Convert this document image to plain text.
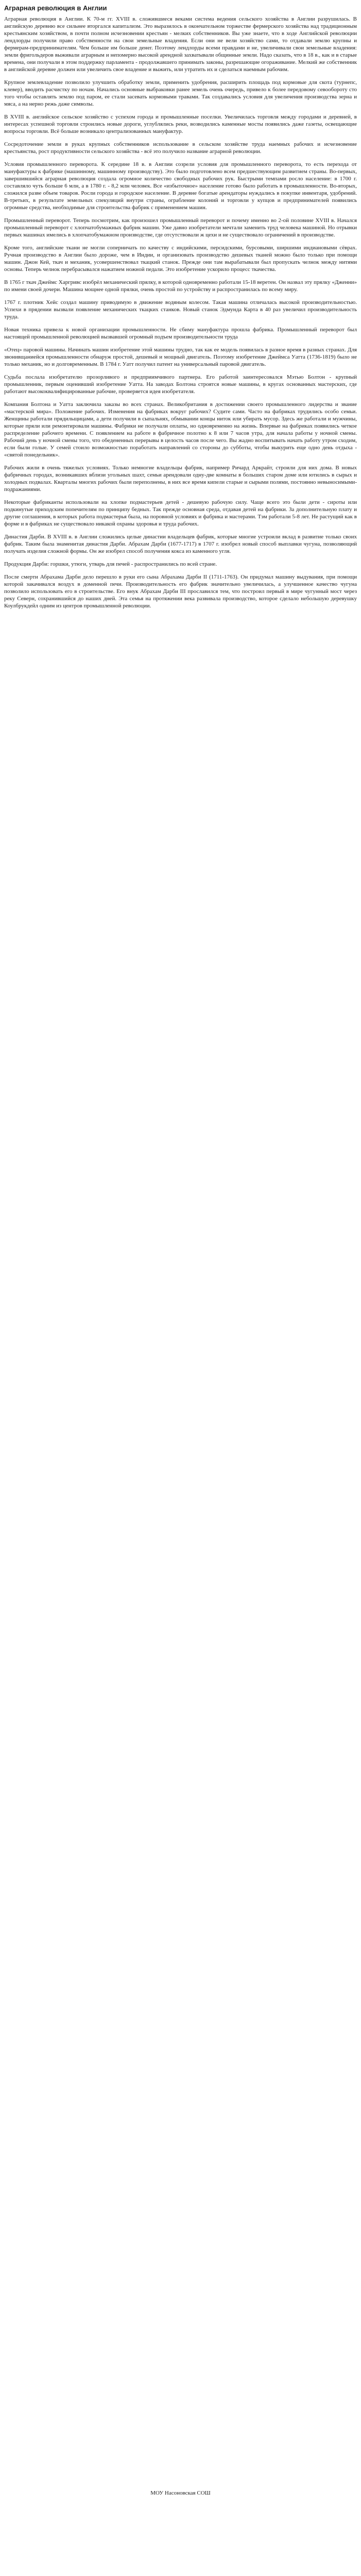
Аграрная революция в Англии

Аграрная революция в Англии. К 70-м гг. XVIII в. сложившиеся веками система ведения сельского хозяйства в Англии разрушилась. В английскую деревню все сильнее вторгался капитализм. Это выразилось в окончательном торжестве фермерского хозяйства над традиционным крестьянским хозяйством, в почти полном исчезновении крестьян - мелких собственников. Вы уже знаете, что в ходе Английской революции лендлорды получили право собственности на свои земельные владения. Если они не вели хозяйство сами, то отдавали землю крупны и фермерам-предпринимателям. Чем больше им больше денег. Поэтому лендлорды всеми правдами и не, увеличивали свои земельные владения: земли фригольдеров выживали аграрным и непомерно высокой арендной захватывали общинные земли. Надо сказать, что в 18 в., как и в старые времена, они получали в этом поддержку парламента - продолжавшего принимать законы, разрешающие огораживание. Мелкий же собственник в английской деревне должен или увеличить свое владение и выжить, или утратить их и сделаться наемным рабочим.

Крупное землевладение позволило улучшить обработку земли, применить удобрения, расширить площадь под кормовые для скота (турнепс, клевер), вводить расчистку по ночам. Начались основные выбраковки ранее земель очень очередь, привело к более передовому севообороту сто того чтобы оставлять землю под паром, ее стали засевать кормовыми травами. Так создавались условия для увеличения производства зерна и мяса, а на нерно режь даже символы.

В XVIII в. английское сельское хозяйство с успехом города и промышленные поселки. Увеличилась торговля между городами и деревней, в интересах успешной торговли строились новые дороги, углублялись реки, возводились каменные мосты появились даже газеты, освещающие вопросы торговли. Всё больше возникало централизованных мануфактур.

Сосредоточение земли в руках крупных собственников использование в сельском хозяйстве труда наемных рабочих и исчезновение крестьянства, рост продуктивности сельского хозяйства - всё это получило название аграрной революции.

Условия промышленного переворота. К середине 18 в. в Англии созрели условия для промышленного переворота, то есть перехода от мануфактуры к фабрике (машинному, машинному производству). Это было подготовлено всем предшествующим развитием страны. Во-первых, завершившийся аграрная революция создала огромное количество свободных рабочих рук. Быстрыми темпами росло население: в 1700 г. составляло чуть больше 6 млн, а в 1780 г. - 8,2 млн человек. Все «избыточное» население готово было работать в промышленности. Во-вторых, сложился разве объем товаров. Росли города и городское население. В деревне богатые арендаторы нуждались в покупке инвентаря, удобрений. В-третьих, в результате земельных спекуляций внутри страны, ограбление колоний и торговли у купцов и предпринимателей появились огромные средства, необходимые для строительства фабрик с применением машин.

Промышленный переворот. Теперь посмотрим, как произошел промышленный переворот и почему именно во 2-ой половине XVIII в. Начался промышленный переворот с хлопчатобумажных фабрик машин. Уже давно изобретатели мечтали заменить труд человека машиной. Но отрывки первых машинах имелись в хлопчатобумажном производстве, где отсутствовали ж цехи и не существовало ограничений в производстве.

Кроме того, английские ткани не могли соперничать по качеству с индийскими, персидскими, бурсовыми, ширшими индиановыми сёврах. Ручная производство в Англии было дороже, чем в Индии, и организовать производство дешевых тканей можно было только при помощи машин. Джон Кей, ткач и механик, усовершенствовал ткацкий станок. Прежде они там вырабатывали был пропускать челнок между нитями основы. Теперь челнок перебрасывался нажатием ножной педали. Это изобретение ускорило процесс ткачества.

В 1765 г ткач Джеймс Харгривс изобрёл механический прялку, в которой одновременно работали 15-18 веретен. Он назвал эту прялку «Дженни» по имени своей дочери. Машина мощнее одной прялки, очень простой по устройству и распространилась по всему миру.

1767 г. плотник Хейс создал машину приводимую в движение водяным колесом. Такая машина отличалась высокой производительностью. Успехи в прядении вызвали появление механических ткацких станков. Новый станок Эдмунда Карта в 40 раз увеличил производительность труда.

Новая техника привела к новой организации промышленности. Не сбиму мануфактура прошла фабрика. Промышленный переворот был настоящей промышленной революцией вызвавшей огромный подъем производительности труда

«Отец» паровой машины. Начинать машин изобретение этой машины трудно, так как ее модель появилась в разное время в разных странах. Для звонивщаниейся промышленности обнаруж простой, дешевый и мощный двигатель. Поэтому изобретение Джеймса Уатта (1736-1819) было не только механик, но и долговременным. В 1784 г. Уатт получил патент на универсальный паровой двигатель.

Судьба послала изобретателю прозорливого и предприимчивого партнера. Его работой заинтересовался Мэтью Болтон - крупный промышленник, первым оценивший изобретение Уатта. На заводах Болтона строятся новые машины, в кругах основанных мастерских, где работают высококвалифицированные рабочие, проверяется идея изобретателя.

Компания Болтона и Уатта заключила заказы во всех странах. Великобритания в достижении своего промышленного лидерства и звание «мастерской мира». Положение рабочих. Изменения на фабриках вокруг рабочих? Судите сами. Часто на фабриках трудились особо семьи. Женщины работали прядильщицами, а дети получили в сыпальнях, обмывании концы ниток или убирать мусор. Здесь же работали и мужчины, которые пряли или ремонтировали машины. Фабрики не получали оплаты, но одновременно на жизнь. Впервые на фабриках появились четкое распределение рабочего времени. С появлением на работе в фабричное полотно к 8 или 7 часов утра, для начала работы у ночной смены. Рабочий день у ночной смены того, что обедененных перерывы в целость часов после чего. Вы жадно воспитывать начать работу утром сходим, если были голые. У семей стоило возможностью поработать направлений со стороны до субботы, чтобы выкурить еще одно день отдыха - «святой понедельник».

Рабочих жили в очень тяжелых условиях. Только немногие владельцы фабрик, например Ричард Аркрайт, строили для них дома. В новых фабричных городах, возникавших вблизи угольных шахт, семьи арендовали одну-две комнаты в больших старом доме или ютились в сырых и холодных подвалах. Кварталы многих рабочих были переполнены, в них все время кипели старые и сырыми полями, постоянно невыносимыми-подражаниями.

Некоторые фабриканты использовали на хлопке подмастерьев детей - дешевую рабочую силу. Чаще всего это были дети - сироты или подкинутые приходским попечителям по принципу бедных. Так прежде основная среда, отдавая детей на фабрики. За дополнительную плату и другие соглашения, в которых работа подмастерья была, на поровной условиях и фабрика и мастерами. Тэм работали 5-8 лет. Не растущий как в форме и в фабриках не существовало никакой охраны здоровья и труда рабочих.

Династия Дарби. В XVIII в. в Англии сложились целые династии владельцев фабрик, которые многие устроили вклад в развитие только своих фабрик. Таким была знаменитая династия Дарби. Абрахам Дарби (1677-1717) в 1707 г. изобрел новый способ выплавки чугуна, позволяющий получать изделия сложной формы. Он же изобрел способ получения кокса из каменного угля.

Продукция Дарби: горшки, утюги, утварь для печей - распространились по всей стране.

После смерти Абрахама Дарби дело перешло в руки его сына Абрахама Дарби II (1711-1763). Он придумал машину выдувания, при помощи которой закачивался воздух в доменной печи. Производительность его фабрик значительно увеличилась, а улучшенное качество чугуна позволило использовать его в строительстве. Его внук Абрахам Дарби III прославился тем, что построил первый в мире чугунный мост через реку Северн, сохранившийся до наших дней. Эта семья на протяжении века развивала производство, которое сделало небольшую деревушку Коулбрукдейл одним из центров промышленной революции.

МОУ Насоновская СОШ
